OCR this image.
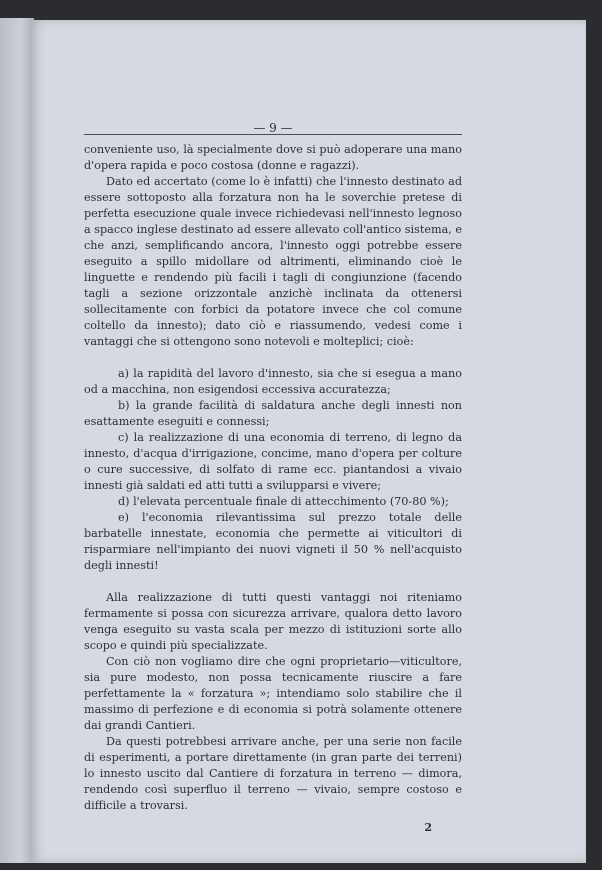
— 9 —

conveniente uso, là specialmente dove si può adoperare una mano d'opera rapida e poco costosa (donne e ragazzi).

Dato ed accertato (come lo è infatti) che l'innesto destinato ad essere sottoposto alla forzatura non ha le soverchie pretese di perfetta esecuzione quale invece richiedevasi nell'innesto legnoso a spacco inglese destinato ad essere allevato coll'antico sistema, e che anzi, semplificando ancora, l'innesto oggi potrebbe essere eseguito a spillo midollare od altrimenti, eliminando cioè le linguette e rendendo più facili i tagli di congiunzione (facendo tagli a sezione orizzontale anzichè inclinata da ottenersi sollecitamente con forbici da potatore invece che col comune coltello da innesto); dato ciò e riassumendo, vedesi come i vantaggi che si ottengono sono notevoli e molteplici; cioè:

a) la rapidità del lavoro d'innesto, sia che si esegua a mano od a macchina, non esigendosi eccessiva accuratezza;

b) la grande facilità di saldatura anche degli innesti non esattamente eseguiti e connessi;

c) la realizzazione di una economia di terreno, di legno da innesto, d'acqua d'irrigazione, concime, mano d'opera per colture o cure successive, di solfato di rame ecc. piantandosi a vivaio innesti già saldati ed atti tutti a svilupparsi e vivere;

d) l'elevata percentuale finale di attecchimento (70-80 %);

e) l'economia rilevantissima sul prezzo totale delle barbatelle innestate, economia che permette ai viticultori di risparmiare nell'impianto dei nuovi vigneti il 50 % nell'acquisto degli innesti!

Alla realizzazione di tutti questi vantaggi noi riteniamo fermamente si possa con sicurezza arrivare, qualora detto lavoro venga eseguito su vasta scala per mezzo di istituzioni sorte allo scopo e quindi più specializzate.

Con ciò non vogliamo dire che ogni proprietario—viticultore, sia pure modesto, non possa tecnicamente riuscire a fare perfettamente la « forzatura »; intendiamo solo stabilire che il massimo di perfezione e di economia si potrà solamente ottenere dai grandi Cantieri.

Da questi potrebbesi arrivare anche, per una serie non facile di esperimenti, a portare direttamente (in gran parte dei terreni) lo innesto uscito dal Cantiere di forzatura in terreno — dimora, rendendo così superfluo il terreno — vivaio, sempre costoso e difficile a trovarsi.

2
